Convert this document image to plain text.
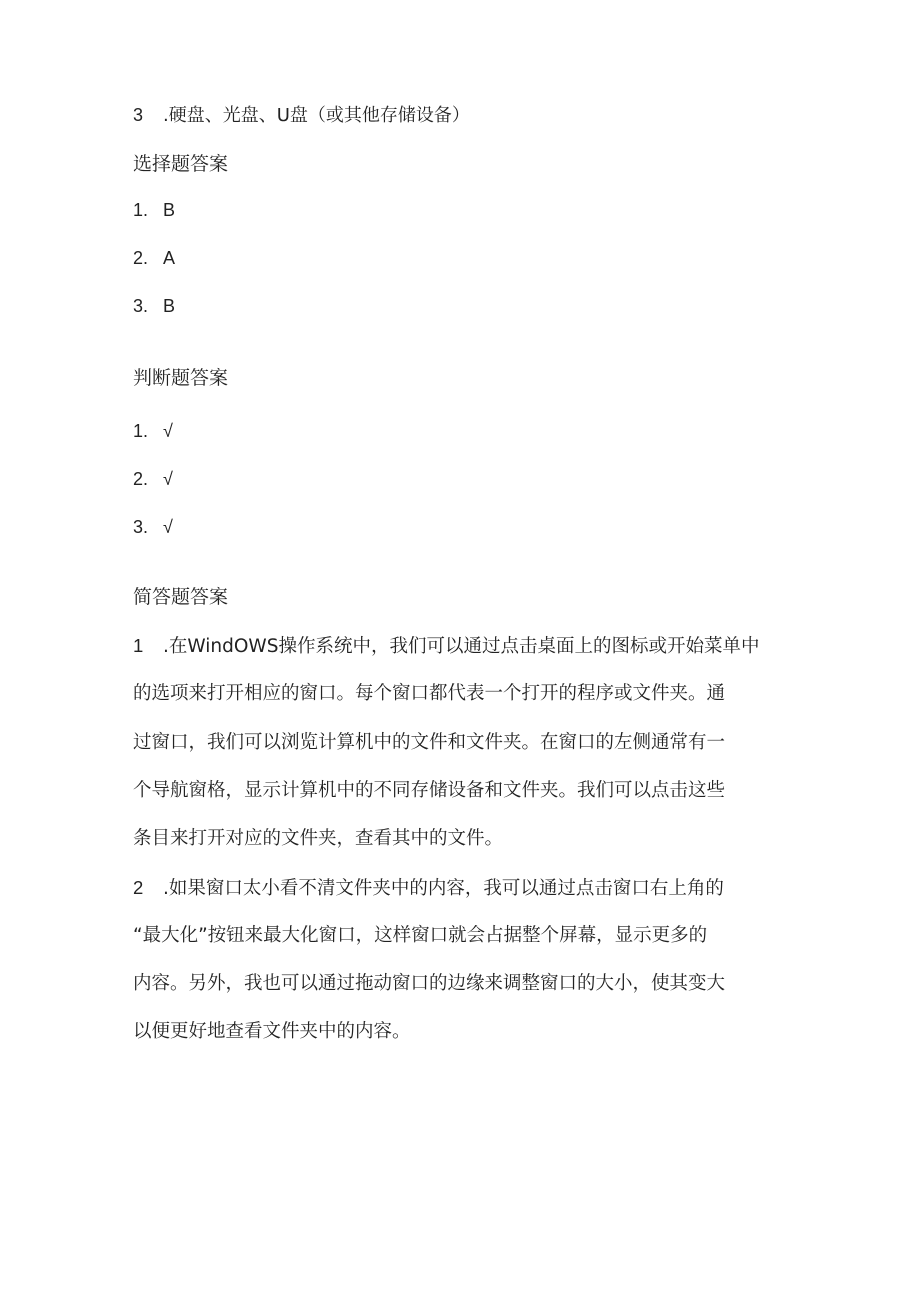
3 .硬盘、光盘、U盘（或其他存储设备）
选择题答案
1. B
2. A
3. B
判断题答案
1. √
2. √
3. √
简答题答案
1 .在WindOWS操作系统中，我们可以通过点击桌面上的图标或开始菜单中
的选项来打开相应的窗口。每个窗口都代表一个打开的程序或文件夹。通
过窗口，我们可以浏览计算机中的文件和文件夹。在窗口的左侧通常有一
个导航窗格，显示计算机中的不同存储设备和文件夹。我们可以点击这些
条目来打开对应的文件夹，查看其中的文件。
2 .如果窗口太小看不清文件夹中的内容，我可以通过点击窗口右上角的
“最大化”按钮来最大化窗口，这样窗口就会占据整个屏幕，显示更多的
内容。另外，我也可以通过拖动窗口的边缘来调整窗口的大小，使其变大
以便更好地查看文件夹中的内容。
